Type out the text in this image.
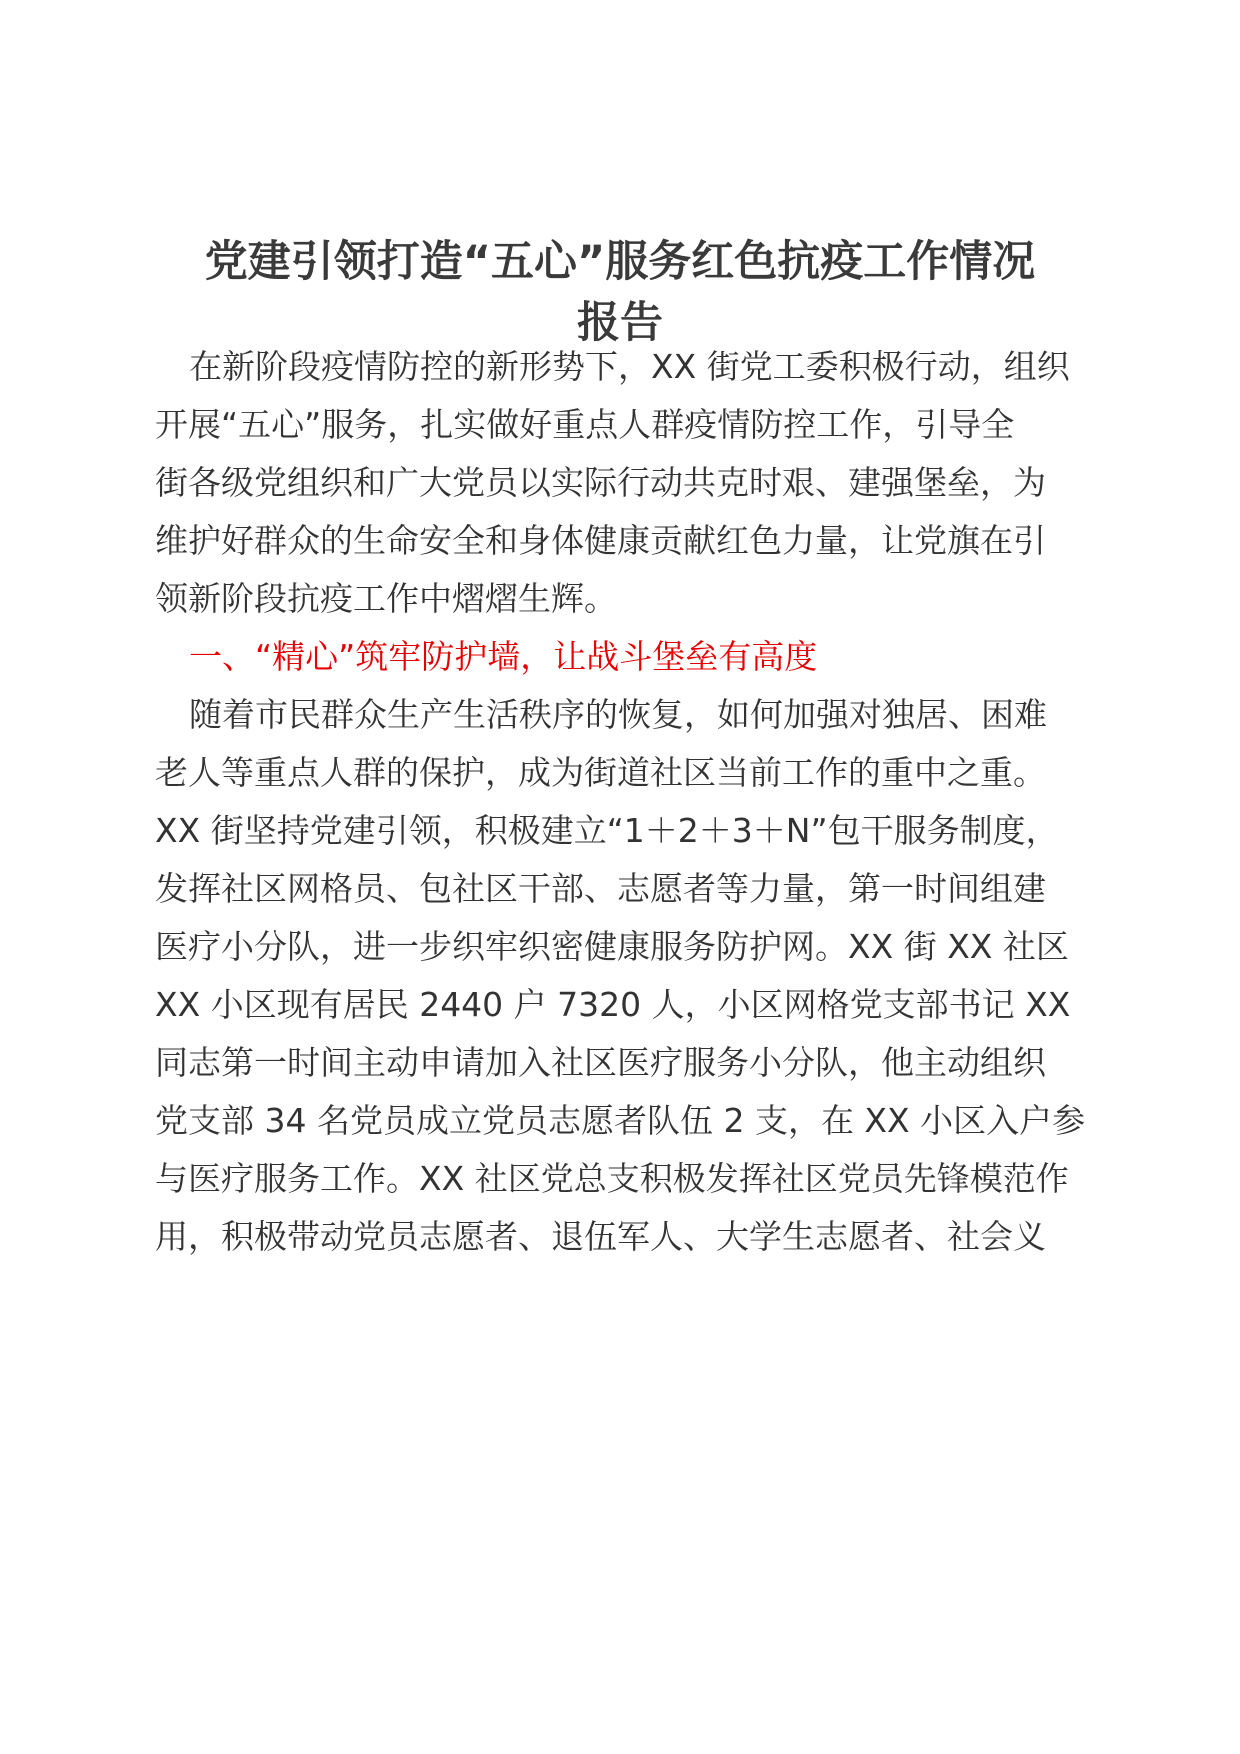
党建引领打造“五心”服务红色抗疫工作情况
报告
在新阶段疫情防控的新形势下，XX 街党工委积极行动，组织
开展“五心”服务，扎实做好重点人群疫情防控工作，引导全
街各级党组织和广大党员以实际行动共克时艰、建强堡垒，为
维护好群众的生命安全和身体健康贡献红色力量，让党旗在引
领新阶段抗疫工作中熠熠生辉。
一、“精心”筑牢防护墙，让战斗堡垒有高度
随着市民群众生产生活秩序的恢复，如何加强对独居、困难
老人等重点人群的保护，成为街道社区当前工作的重中之重。
XX 街坚持党建引领，积极建立“1＋2＋3＋N”包干服务制度，
发挥社区网格员、包社区干部、志愿者等力量，第一时间组建
医疗小分队，进一步织牢织密健康服务防护网。XX 街 XX 社区
XX 小区现有居民 2440 户 7320 人，小区网格党支部书记 XX
同志第一时间主动申请加入社区医疗服务小分队，他主动组织
党支部 34 名党员成立党员志愿者队伍 2 支，在 XX 小区入户参
与医疗服务工作。XX 社区党总支积极发挥社区党员先锋模范作
用，积极带动党员志愿者、退伍军人、大学生志愿者、社会义
